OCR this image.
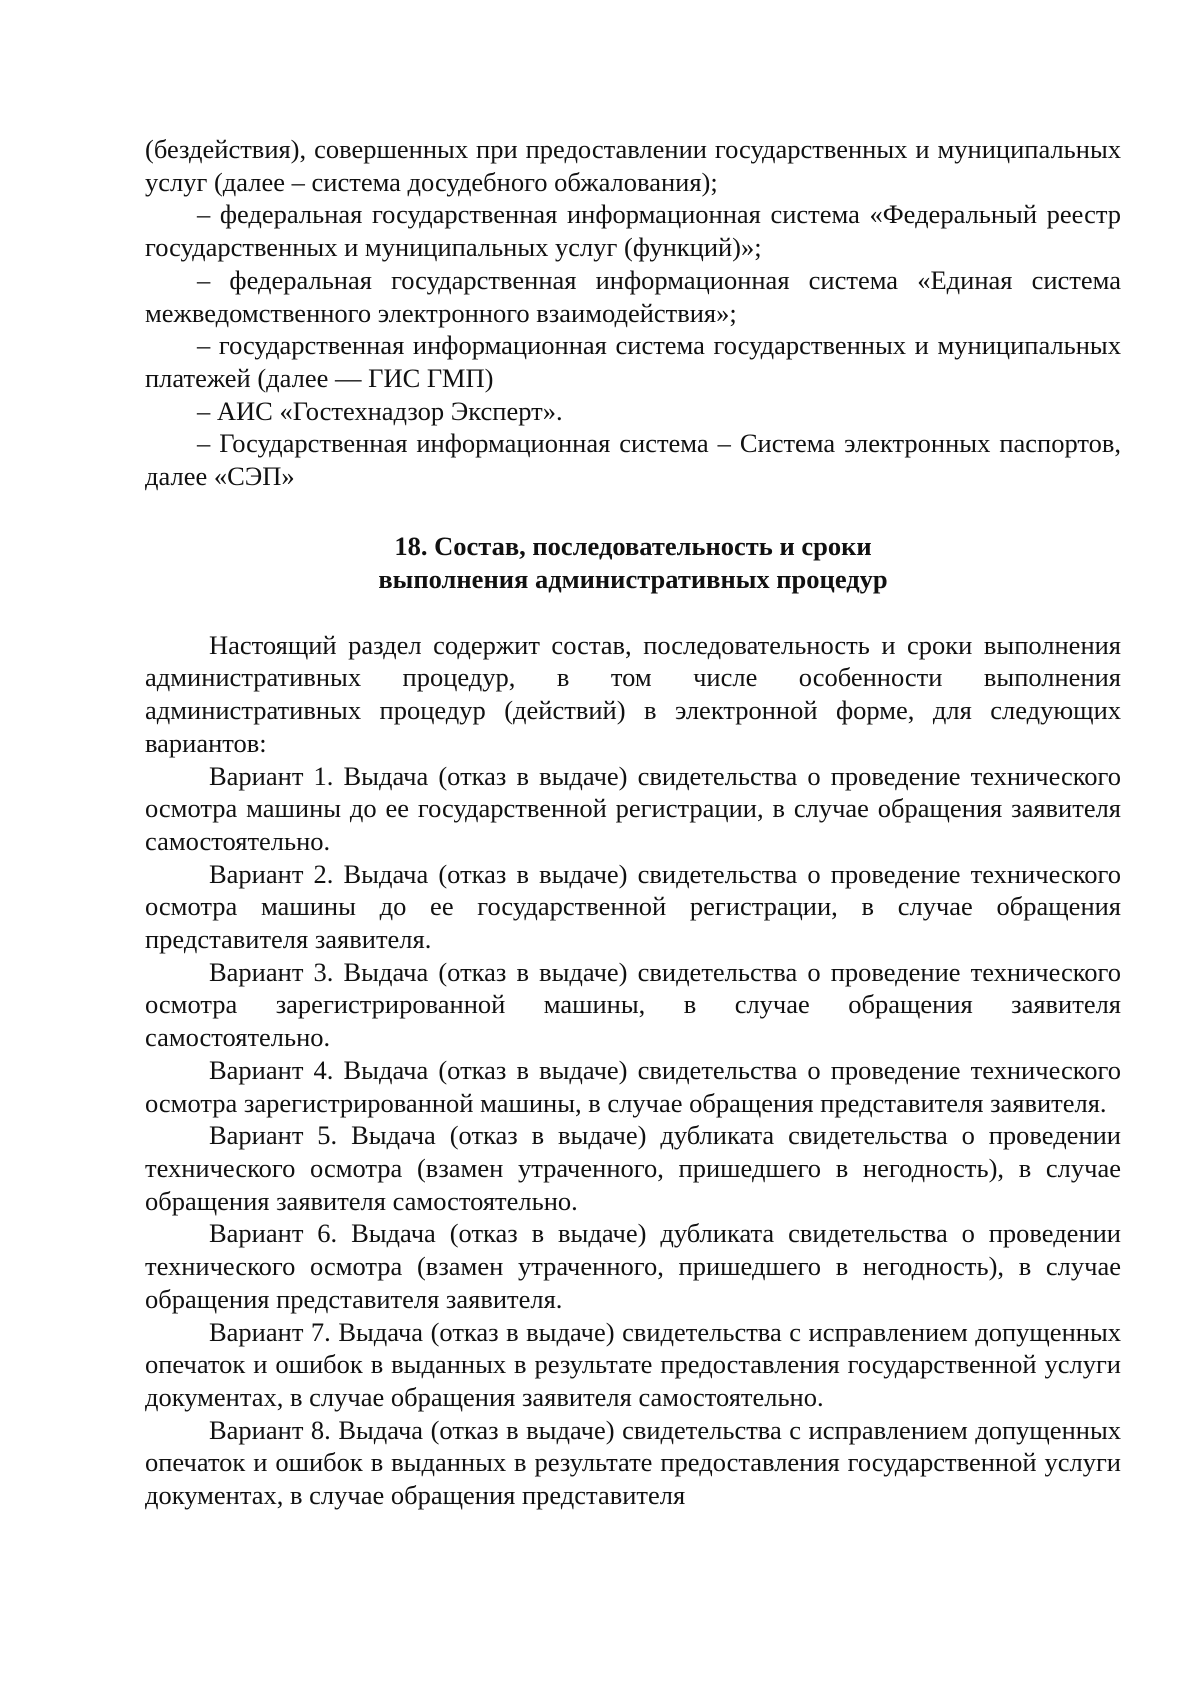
(бездействия), совершенных при предоставлении государственных и муниципальных услуг (далее – система досудебного обжалования);

– федеральная государственная информационная система «Федеральный реестр государственных и муниципальных услуг (функций)»;

– федеральная государственная информационная система «Единая система межведомственного электронного взаимодействия»;

– государственная информационная система государственных и муниципальных платежей (далее — ГИС ГМП)

– АИС «Гостехнадзор Эксперт».

– Государственная информационная система – Система электронных паспортов, далее «СЭП»

18. Состав, последовательность и сроки
выполнения административных процедур

Настоящий раздел содержит состав, последовательность и сроки выполнения административных процедур, в том числе особенности выполнения административных процедур (действий) в электронной форме, для следующих вариантов:

Вариант 1. Выдача (отказ в выдаче) свидетельства о проведение технического осмотра машины до ее государственной регистрации, в случае обращения заявителя самостоятельно.

Вариант 2. Выдача (отказ в выдаче) свидетельства о проведение технического осмотра машины до ее государственной регистрации, в случае обращения представителя заявителя.

Вариант 3. Выдача (отказ в выдаче) свидетельства о проведение технического осмотра зарегистрированной машины, в случае обращения заявителя самостоятельно.

Вариант 4. Выдача (отказ в выдаче) свидетельства о проведение технического осмотра зарегистрированной машины, в случае обращения представителя заявителя.

Вариант 5. Выдача (отказ в выдаче) дубликата свидетельства о проведении технического осмотра (взамен утраченного, пришедшего в негодность), в случае обращения заявителя самостоятельно.

Вариант 6. Выдача (отказ в выдаче) дубликата свидетельства о проведении технического осмотра (взамен утраченного, пришедшего в негодность), в случае обращения представителя заявителя.

Вариант 7. Выдача (отказ в выдаче) свидетельства с исправлением допущенных опечаток и ошибок в выданных в результате предоставления государственной услуги документах, в случае обращения заявителя самостоятельно.

Вариант 8. Выдача (отказ в выдаче) свидетельства с исправлением допущенных опечаток и ошибок в выданных в результате предоставления государственной услуги документах, в случае обращения представителя
